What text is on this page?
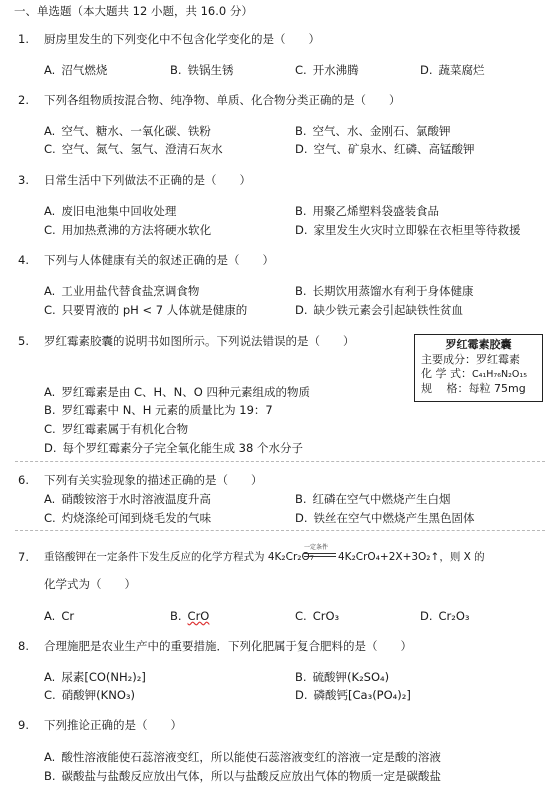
一、单选题（本大题共 12 小题，共 16.0 分）
1. 厨房里发生的下列变化中不包含化学变化的是（　　）
A. 沼气燃烧	B. 铁锅生锈	C. 开水沸腾	D. 蔬菜腐烂
2. 下列各组物质按混合物、纯净物、单质、化合物分类正确的是（　　）
A. 空气、糖水、一氧化碳、铁粉	B. 空气、水、金刚石、氯酸钾
C. 空气、氮气、氢气、澄清石灰水	D. 空气、矿泉水、红磷、高锰酸钾
3. 日常生活中下列做法不正确的是（　　）
A. 废旧电池集中回收处理	B. 用聚乙烯塑料袋盛装食品
C. 用加热煮沸的方法将硬水软化	D. 家里发生火灾时立即躲在衣柜里等待救援
4. 下列与人体健康有关的叙述正确的是（　　）
A. 工业用盐代替食盐烹调食物	B. 长期饮用蒸馏水有利于身体健康
C. 只要胃液的 pH < 7 人体就是健康的	D. 缺少铁元素会引起缺铁性贫血
5. 罗红霉素胶囊的说明书如图所示。下列说法错误的是（　　）	罗红霉素胶囊
主要成分：罗红霉素
化 学 式：C₄₁H₇₆N₂O₁₅
规　 格：每粒 75mg
A. 罗红霉素是由 C、H、N、O 四种元素组成的物质
B. 罗红霉素中 N、H 元素的质量比为 19：7
C. 罗红霉素属于有机化合物
D. 每个罗红霉素分子完全氧化能生成 38 个水分子
6. 下列有关实验现象的描述正确的是（　　）
A. 硝酸铵溶于水时溶液温度升高	B. 红磷在空气中燃烧产生白烟
C. 灼烧涤纶可闻到烧毛发的气味	D. 铁丝在空气中燃烧产生黑色固体
7. 重铬酸钾在一定条件下发生反应的化学方程式为 4K₂Cr₂O₇
一定条件
4K₂CrO₄+2X+3O₂↑，则 X 的
化学式为（　　）
A. Cr	B. CrO	C. CrO₃	D. Cr₂O₃
8. 合理施肥是农业生产中的重要措施．下列化肥属于复合肥料的是（　　）
A. 尿素[CO(NH₂)₂]	B. 硫酸钾(K₂SO₄)
C. 硝酸钾(KNO₃)	D. 磷酸钙[Ca₃(PO₄)₂]
9. 下列推论正确的是（　　）
A. 酸性溶液能使石蕊溶液变红，所以能使石蕊溶液变红的溶液一定是酸的溶液
B. 碳酸盐与盐酸反应放出气体，所以与盐酸反应放出气体的物质一定是碳酸盐
